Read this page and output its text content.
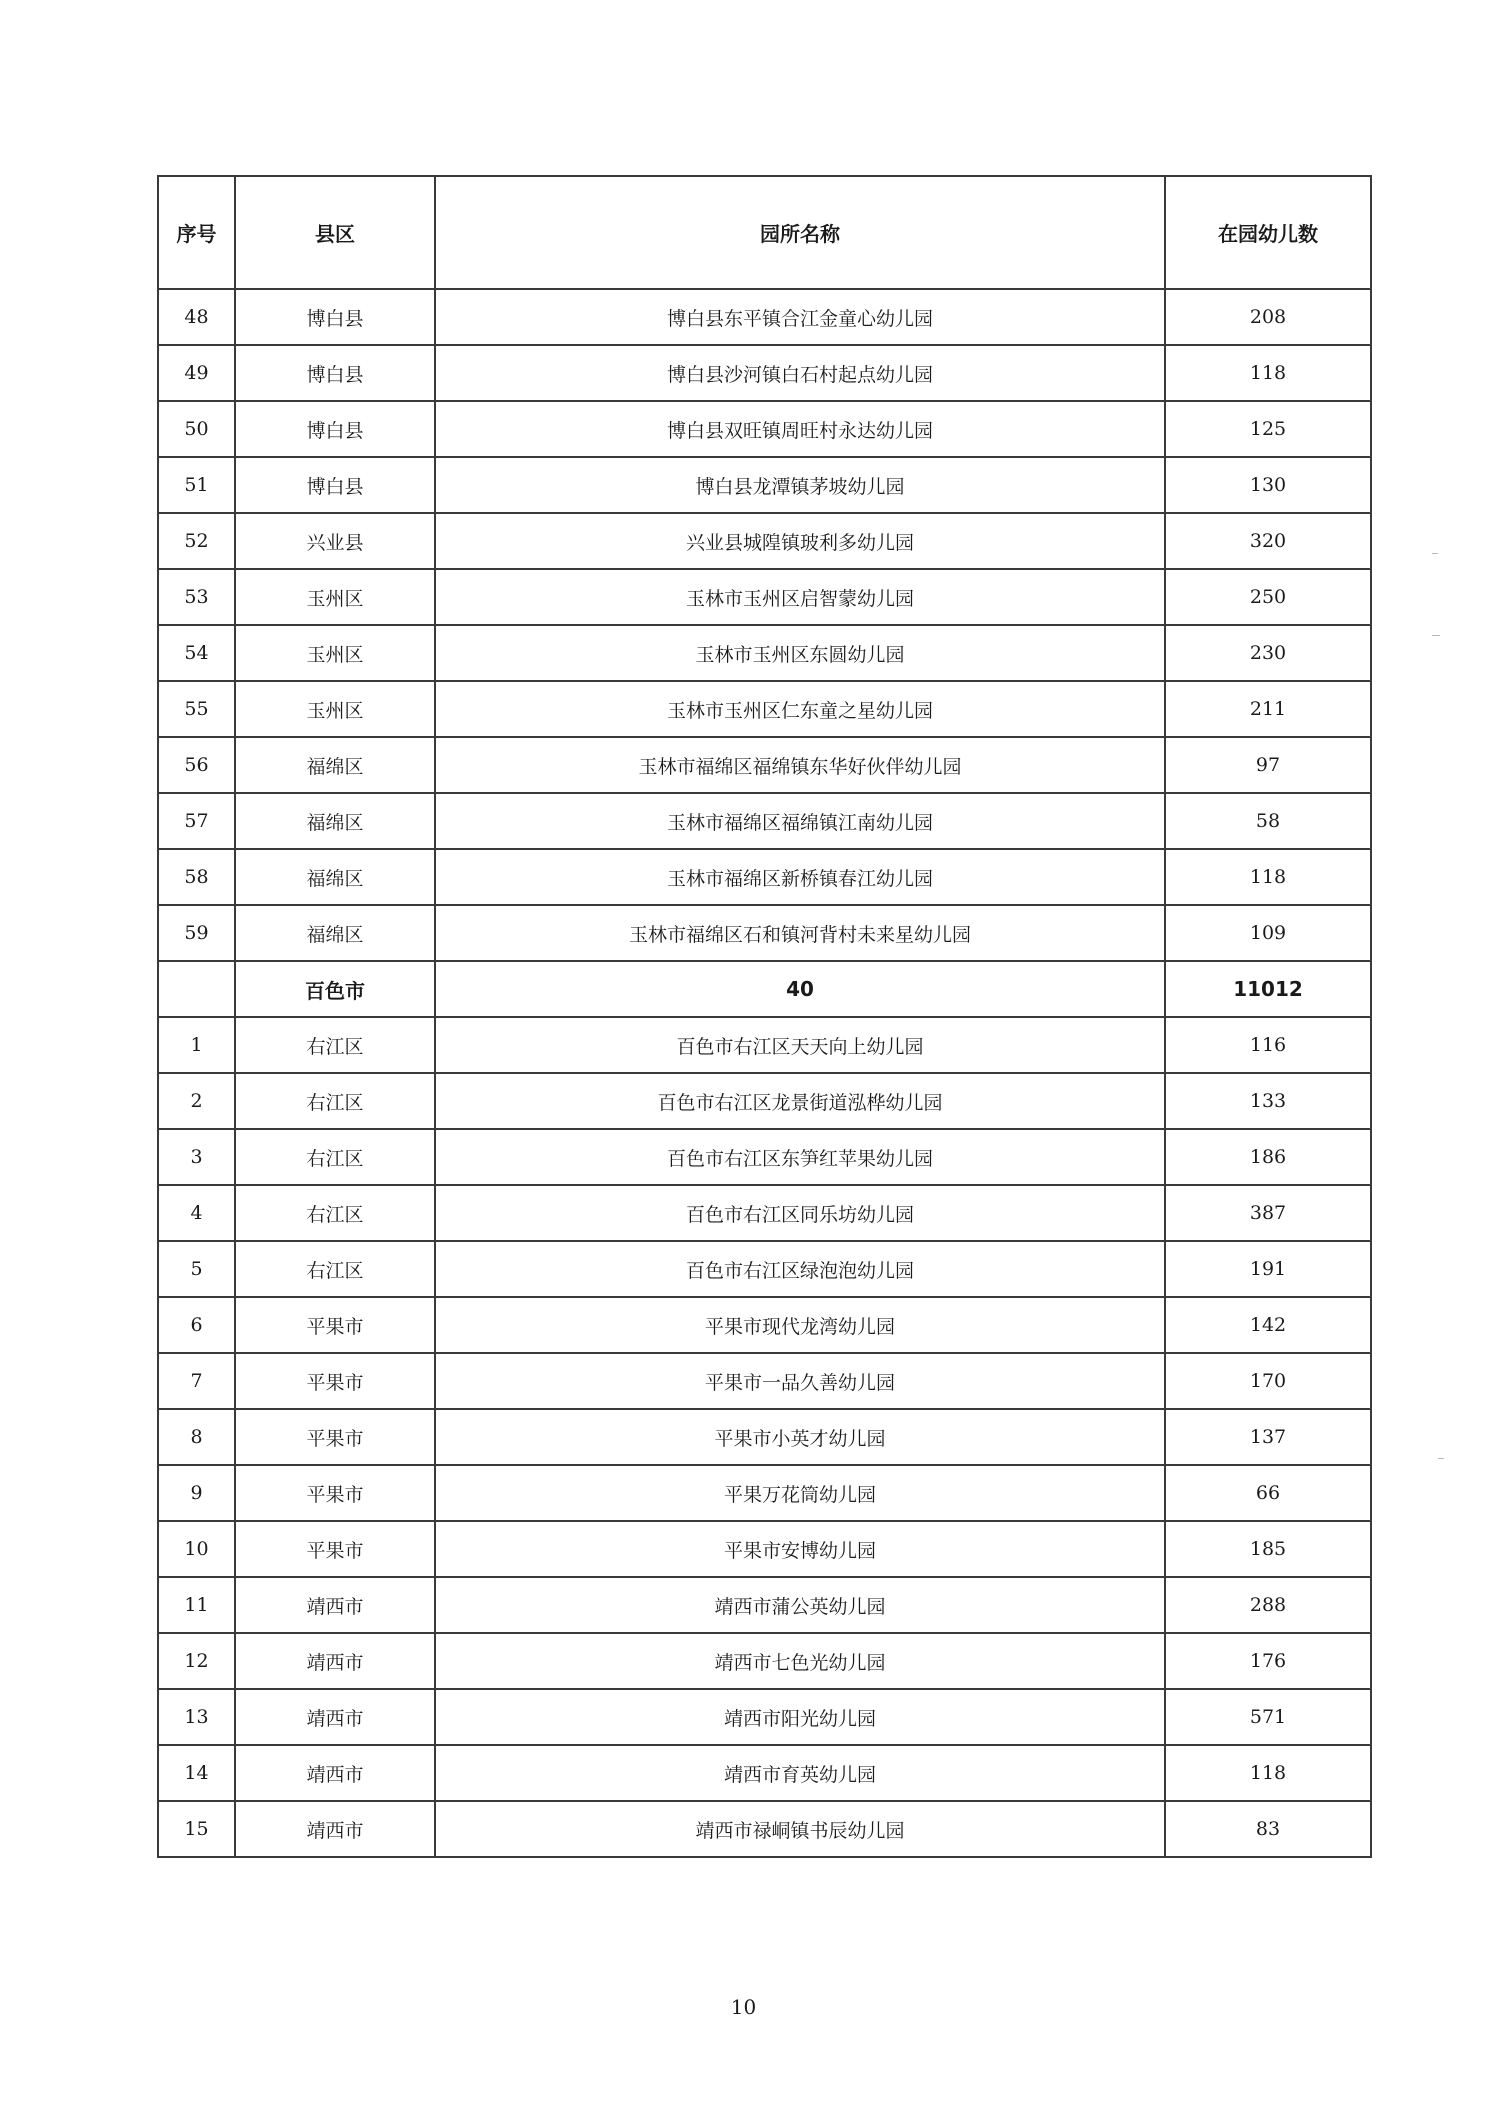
序号	县区	园所名称	在园幼儿数
48	博白县	博白县东平镇合江金童心幼儿园	208
49	博白县	博白县沙河镇白石村起点幼儿园	118
50	博白县	博白县双旺镇周旺村永达幼儿园	125
51	博白县	博白县龙潭镇茅坡幼儿园	130
52	兴业县	兴业县城隍镇玻利多幼儿园	320
53	玉州区	玉林市玉州区启智蒙幼儿园	250
54	玉州区	玉林市玉州区东圆幼儿园	230
55	玉州区	玉林市玉州区仁东童之星幼儿园	211
56	福绵区	玉林市福绵区福绵镇东华好伙伴幼儿园	97
57	福绵区	玉林市福绵区福绵镇江南幼儿园	58
58	福绵区	玉林市福绵区新桥镇春江幼儿园	118
59	福绵区	玉林市福绵区石和镇河背村未来星幼儿园	109
	百色市	40	11012
1	右江区	百色市右江区天天向上幼儿园	116
2	右江区	百色市右江区龙景街道泓桦幼儿园	133
3	右江区	百色市右江区东笋红苹果幼儿园	186
4	右江区	百色市右江区同乐坊幼儿园	387
5	右江区	百色市右江区绿泡泡幼儿园	191
6	平果市	平果市现代龙湾幼儿园	142
7	平果市	平果市一品久善幼儿园	170
8	平果市	平果市小英才幼儿园	137
9	平果市	平果万花筒幼儿园	66
10	平果市	平果市安博幼儿园	185
11	靖西市	靖西市蒲公英幼儿园	288
12	靖西市	靖西市七色光幼儿园	176
13	靖西市	靖西市阳光幼儿园	571
14	靖西市	靖西市育英幼儿园	118
15	靖西市	靖西市禄峒镇书辰幼儿园	83
10
